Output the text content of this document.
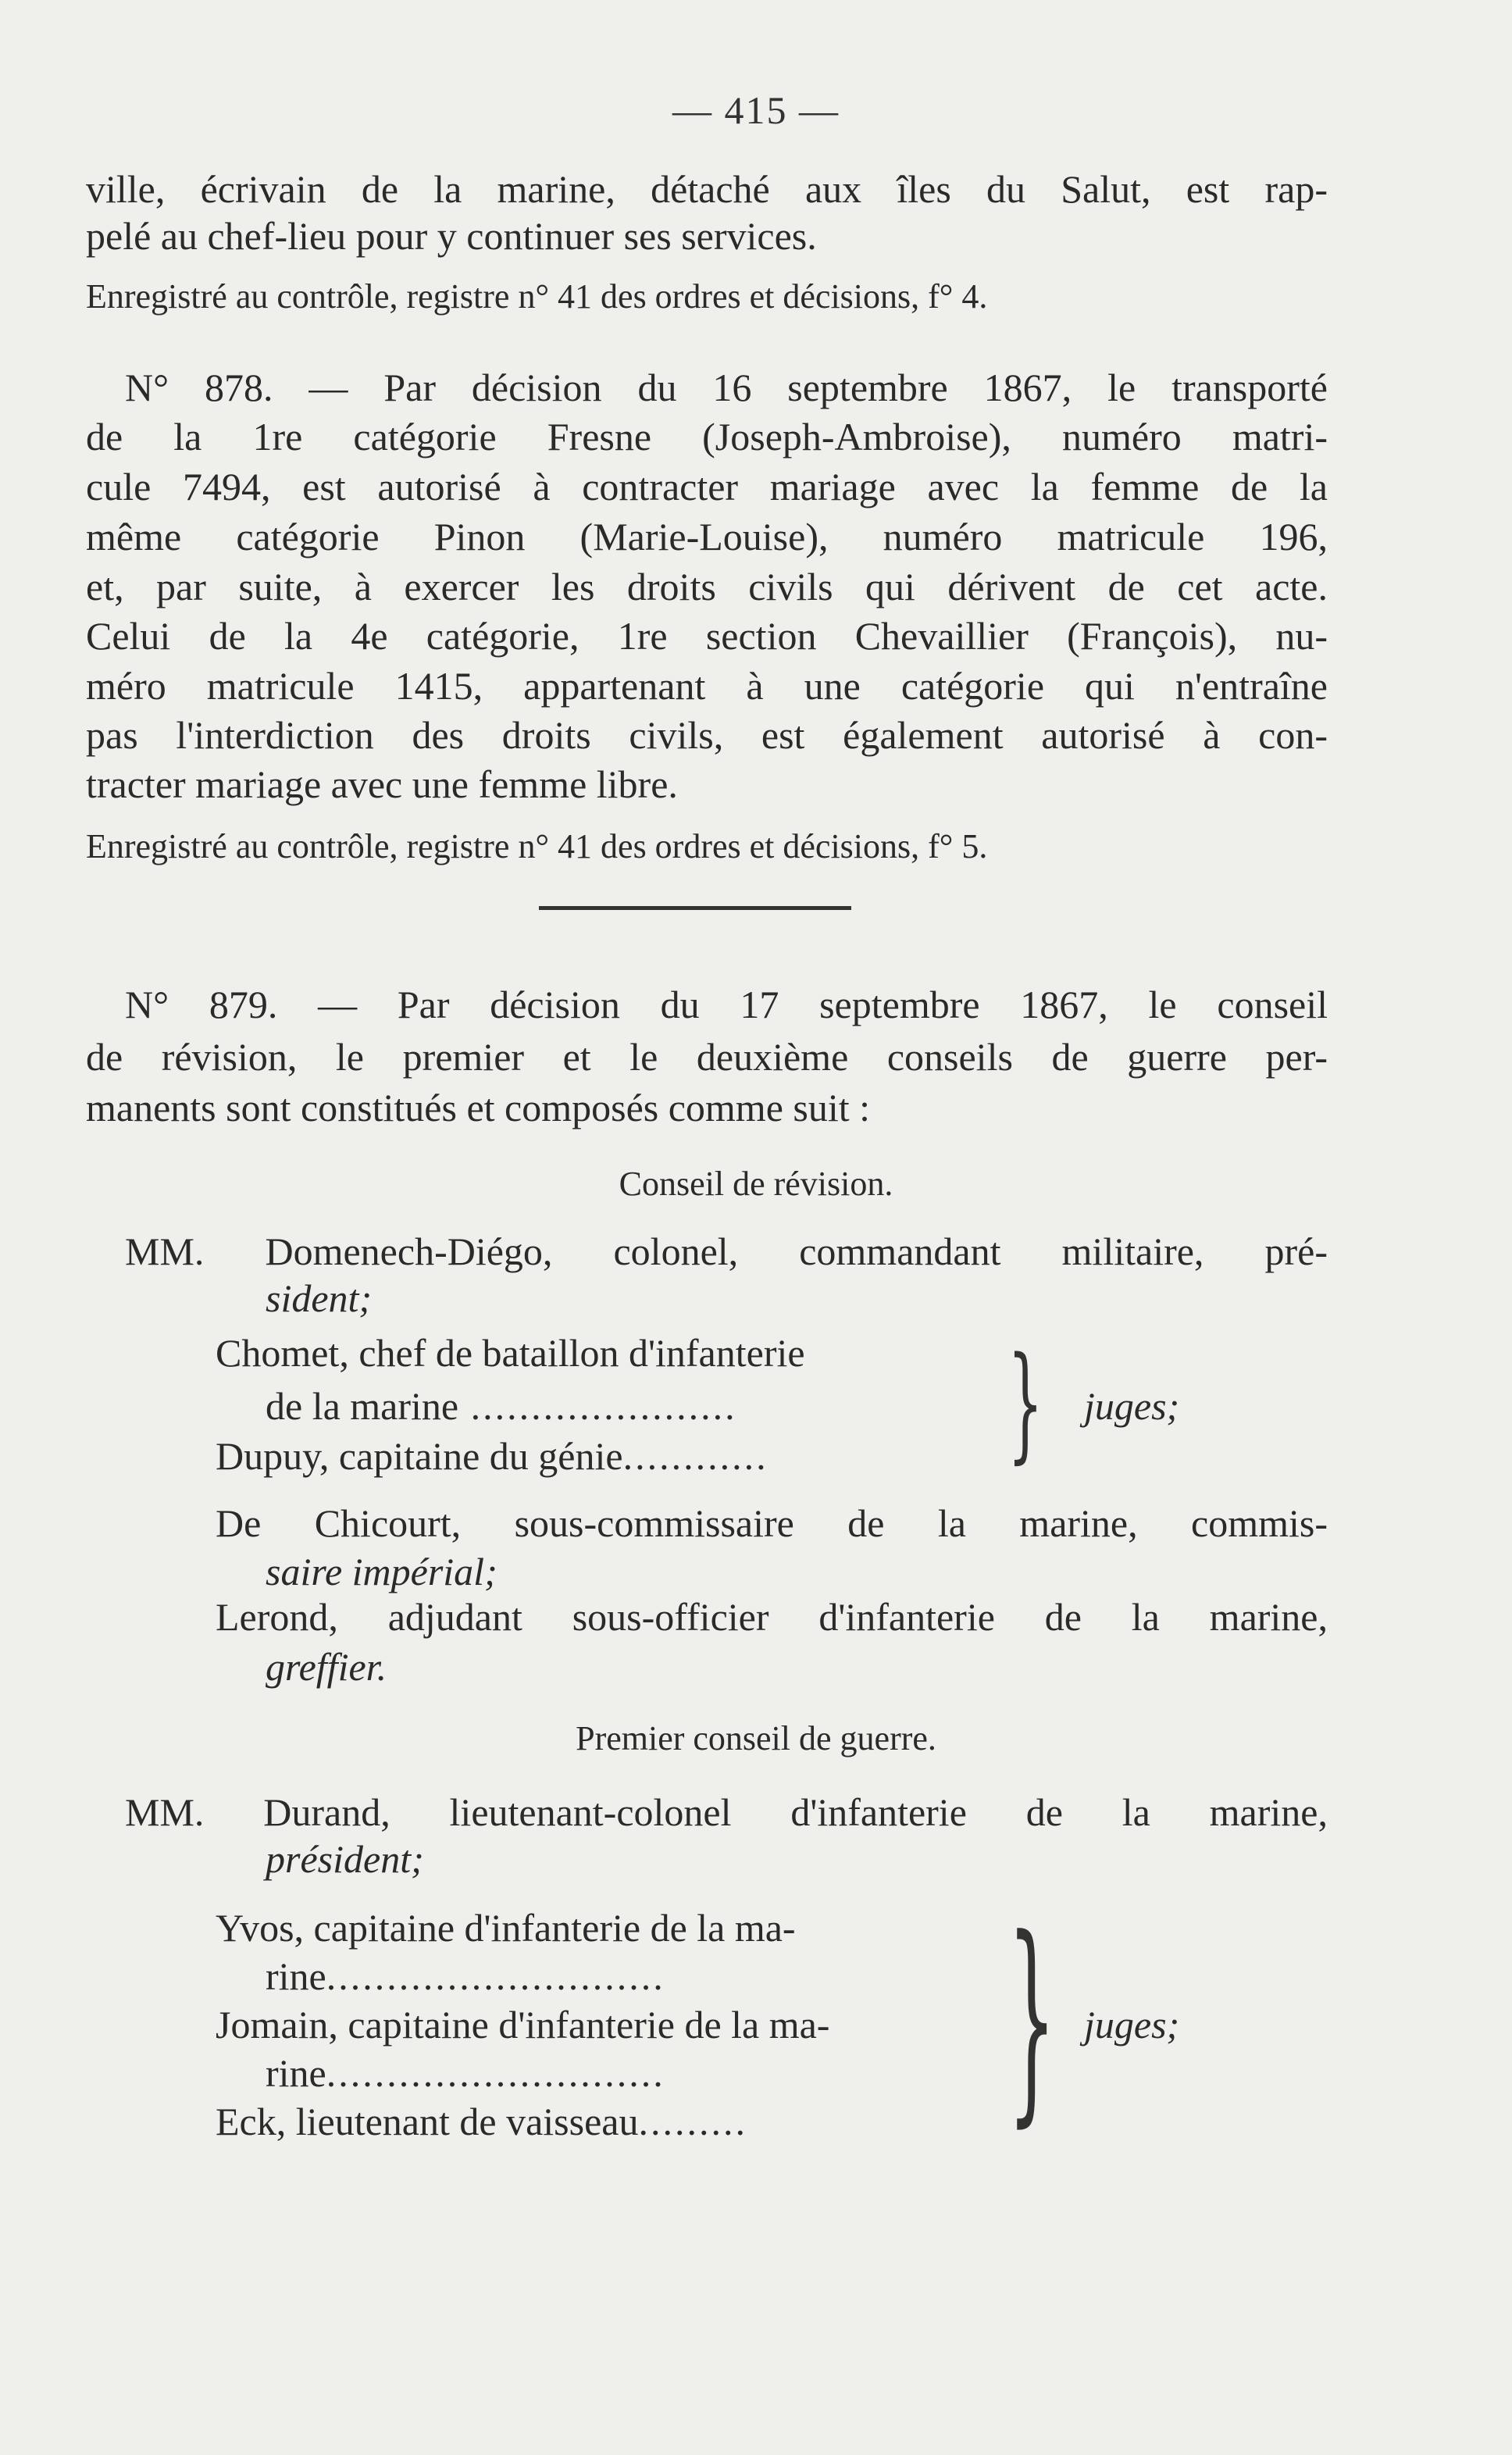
— 415 —
ville, écrivain de la marine, détaché aux îles du Salut, est rap-
pelé au chef-lieu pour y continuer ses services.
Enregistré au contrôle, registre n° 41 des ordres et décisions, f° 4.
N° 878. — Par décision du 16 septembre 1867, le transporté
de la 1re catégorie Fresne (Joseph-Ambroise), numéro matri-
cule 7494, est autorisé à contracter mariage avec la femme de la
même catégorie Pinon (Marie-Louise), numéro matricule 196,
et, par suite, à exercer les droits civils qui dérivent de cet acte.
Celui de la 4e catégorie, 1re section Chevaillier (François), nu-
méro matricule 1415, appartenant à une catégorie qui n'entraîne
pas l'interdiction des droits civils, est également autorisé à con-
tracter mariage avec une femme libre.
Enregistré au contrôle, registre n° 41 des ordres et décisions, f° 5.
N° 879. — Par décision du 17 septembre 1867, le conseil
de révision, le premier et le deuxième conseils de guerre per-
manents sont constitués et composés comme suit :
Conseil de révision.
MM. Domenech-Diégo, colonel, commandant militaire, pré-
sident;
Chomet, chef de bataillon d'infanterie
de la marine ......................
Dupuy, capitaine du génie............ } juges;
De Chicourt, sous-commissaire de la marine, commis-
saire impérial;
Lerond, adjudant sous-officier d'infanterie de la marine,
greffier.
Premier conseil de guerre.
MM. Durand, lieutenant-colonel d'infanterie de la marine,
président;
Yvos, capitaine d'infanterie de la ma-
rine............................
Jomain, capitaine d'infanterie de la ma-
rine............................
Eck, lieutenant de vaisseau......... } juges;
